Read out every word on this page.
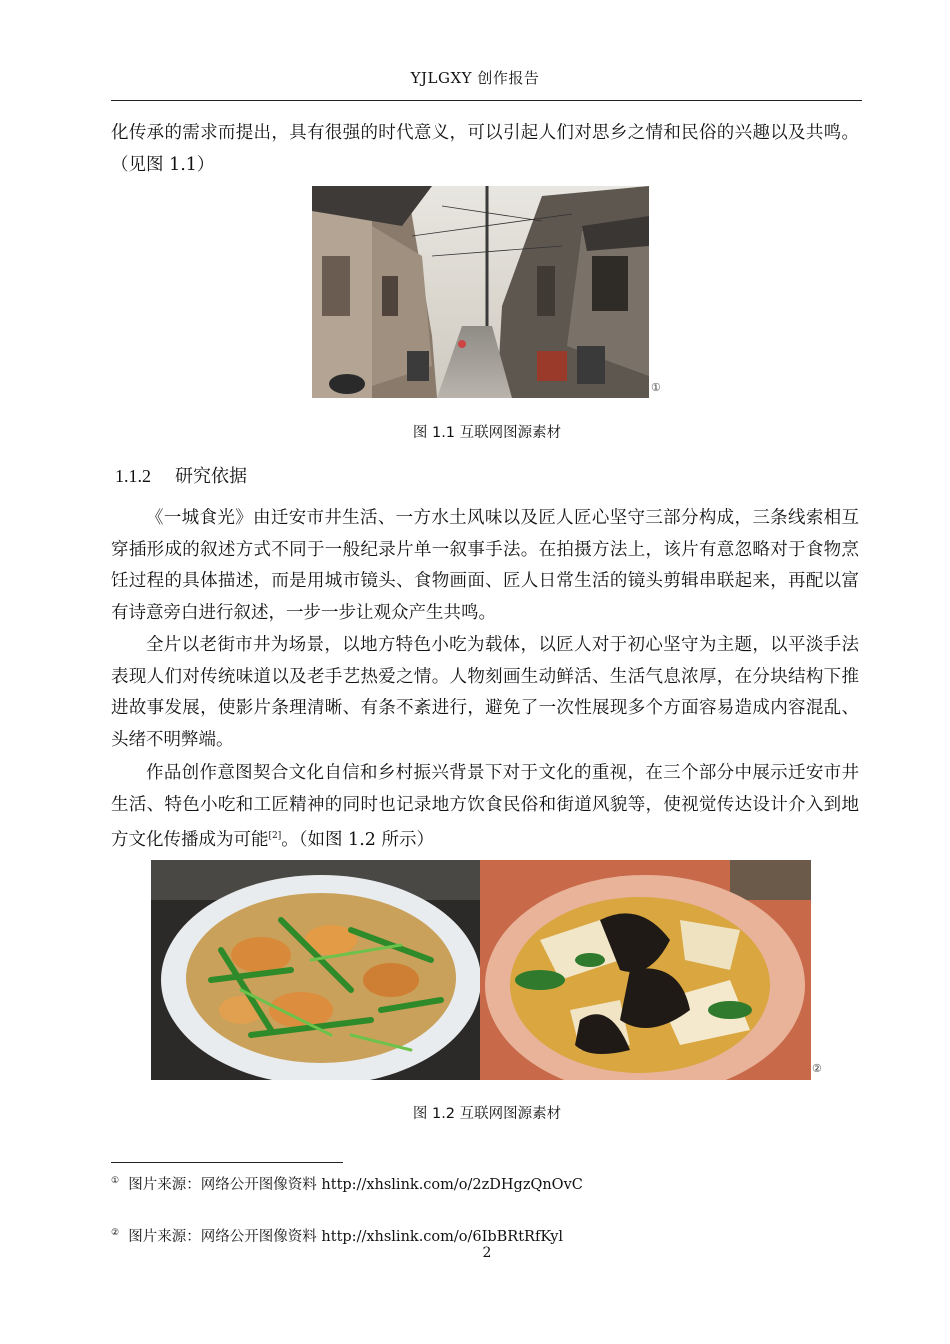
YJLGXY 创作报告
化传承的需求而提出，具有很强的时代意义，可以引起人们对思乡之情和民俗的兴趣以及共鸣。（见图 1.1）
①
图 1.1 互联网图源素材
1.1.2 研究依据
《一城食光》由迁安市井生活、一方水土风味以及匠人匠心坚守三部分构成，三条线索相互穿插形成的叙述方式不同于一般纪录片单一叙事手法。在拍摄方法上，该片有意忽略对于食物烹饪过程的具体描述，而是用城市镜头、食物画面、匠人日常生活的镜头剪辑串联起来，再配以富有诗意旁白进行叙述，一步一步让观众产生共鸣。
全片以老街市井为场景，以地方特色小吃为载体，以匠人对于初心坚守为主题，以平淡手法表现人们对传统味道以及老手艺热爱之情。人物刻画生动鲜活、生活气息浓厚，在分块结构下推进故事发展，使影片条理清晰、有条不紊进行，避免了一次性展现多个方面容易造成内容混乱、头绪不明弊端。
作品创作意图契合文化自信和乡村振兴背景下对于文化的重视，在三个部分中展示迁安市井生活、特色小吃和工匠精神的同时也记录地方饮食民俗和街道风貌等，使视觉传达设计介入到地方文化传播成为可能[2]。（如图 1.2 所示）
②
图 1.2 互联网图源素材
① 图片来源：网络公开图像资料 http://xhslink.com/o/2zDHgzQnOvC
② 图片来源：网络公开图像资料 http://xhslink.com/o/6IbBRtRfKyl
2
